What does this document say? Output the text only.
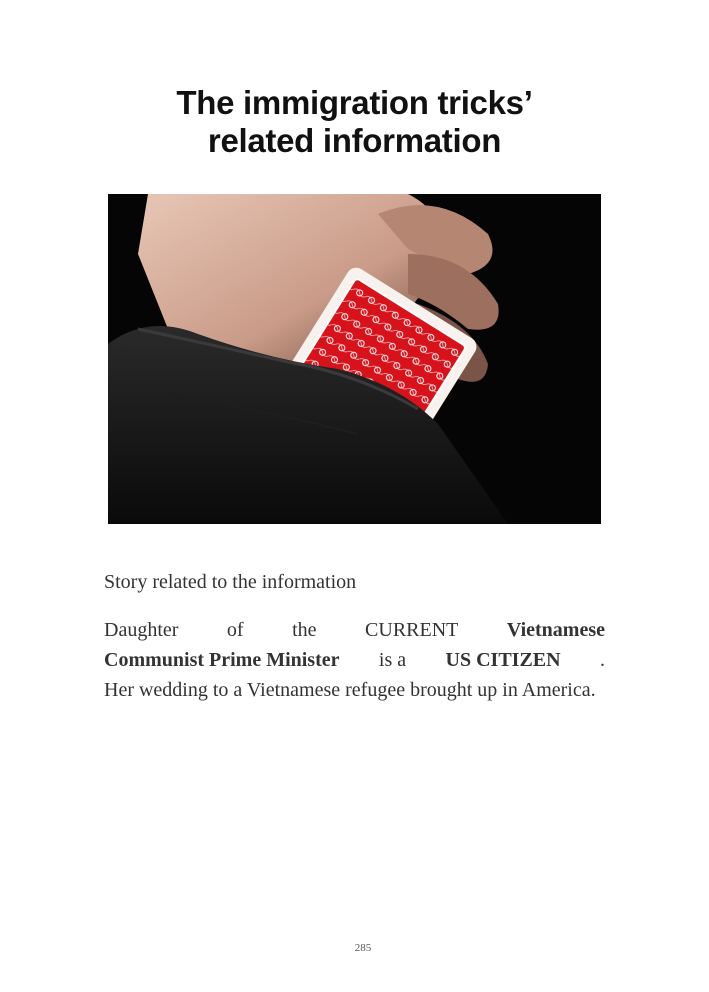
The immigration tricks’
related information
Story related to the information
Daughter of the CURRENT Vietnamese
Communist Prime Minister is a US CITIZEN .
Her wedding to a Vietnamese refugee brought up in America.
285
